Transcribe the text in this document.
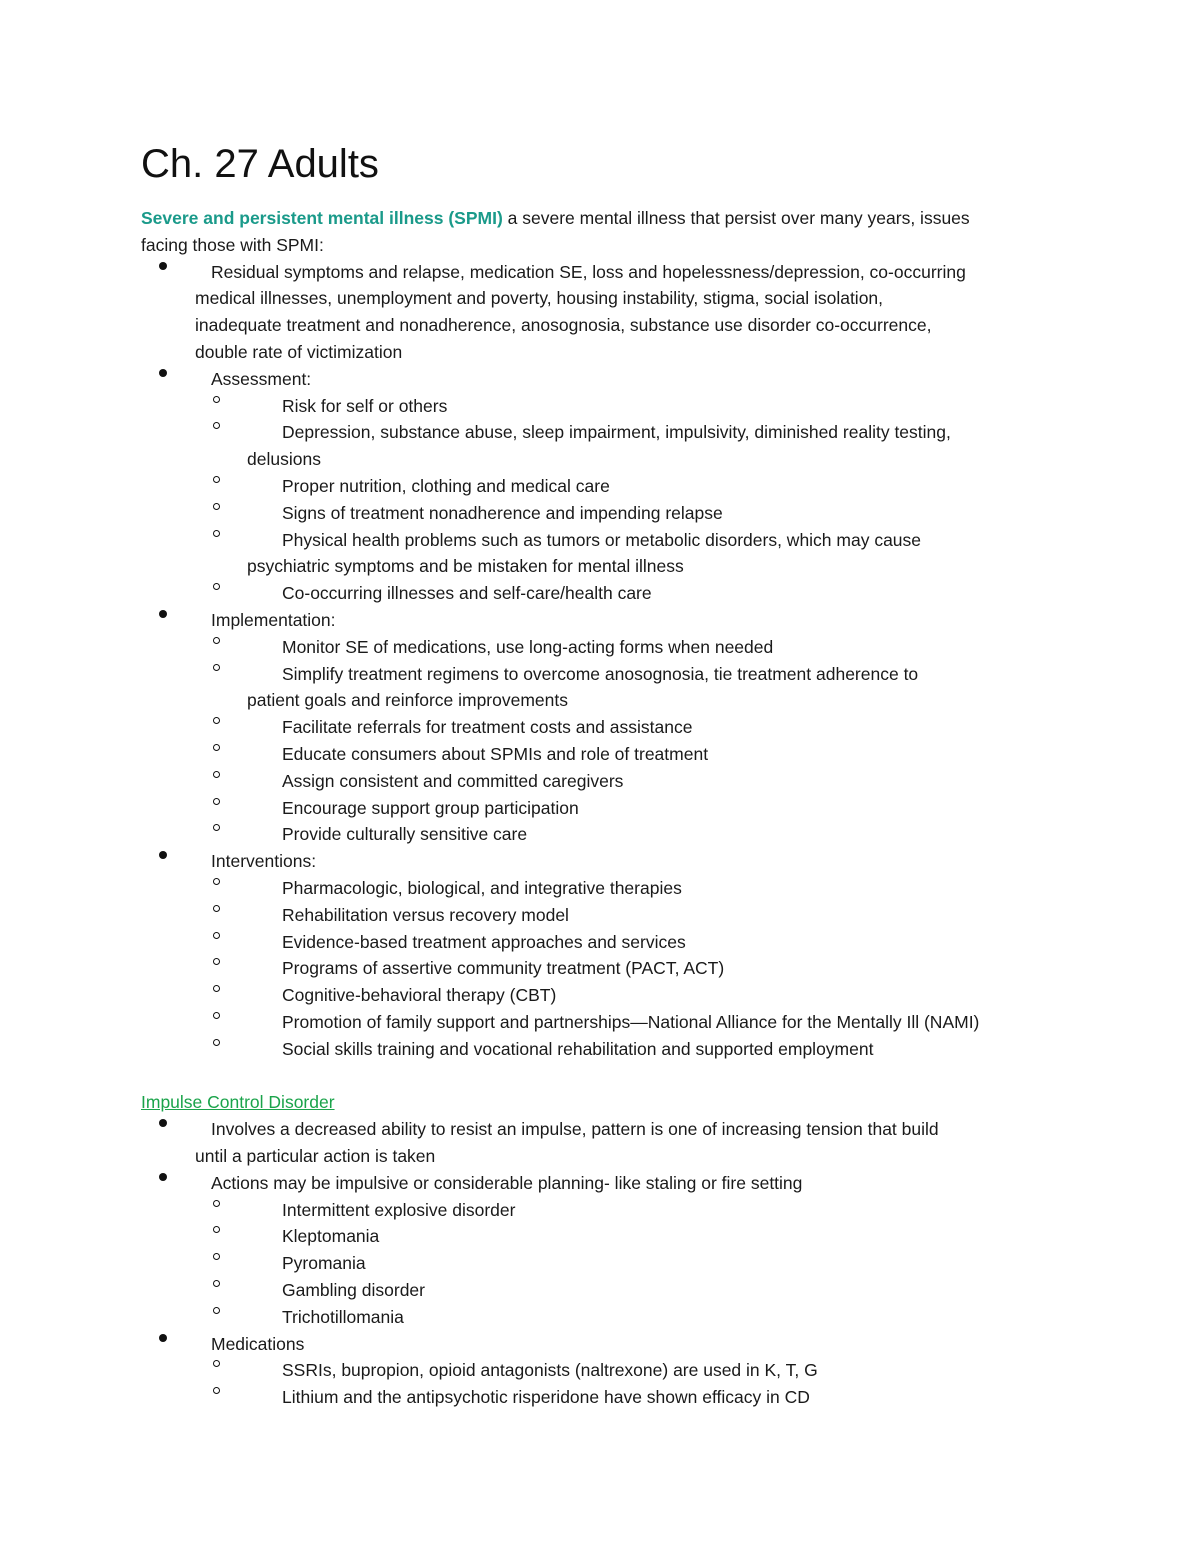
Ch. 27 Adults
Severe and persistent mental illness (SPMI) a severe mental illness that persist over many years, issues
facing those with SPMI:
Residual symptoms and relapse, medication SE, loss and hopelessness/depression, co-occurring
medical illnesses, unemployment and poverty, housing instability, stigma, social isolation,
inadequate treatment and nonadherence, anosognosia, substance use disorder co-occurrence,
double rate of victimization
Assessment:
Risk for self or others
Depression, substance abuse, sleep impairment, impulsivity, diminished reality testing,
delusions
Proper nutrition, clothing and medical care
Signs of treatment nonadherence and impending relapse
Physical health problems such as tumors or metabolic disorders, which may cause
psychiatric symptoms and be mistaken for mental illness
Co-occurring illnesses and self-care/health care
Implementation:
Monitor SE of medications, use long-acting forms when needed
Simplify treatment regimens to overcome anosognosia, tie treatment adherence to
patient goals and reinforce improvements
Facilitate referrals for treatment costs and assistance
Educate consumers about SPMIs and role of treatment
Assign consistent and committed caregivers
Encourage support group participation
Provide culturally sensitive care
Interventions:
Pharmacologic, biological, and integrative therapies
Rehabilitation versus recovery model
Evidence-based treatment approaches and services
Programs of assertive community treatment (PACT, ACT)
Cognitive-behavioral therapy (CBT)
Promotion of family support and partnerships—National Alliance for the Mentally Ill (NAMI)
Social skills training and vocational rehabilitation and supported employment
Impulse Control Disorder
Involves a decreased ability to resist an impulse, pattern is one of increasing tension that build
until a particular action is taken
Actions may be impulsive or considerable planning- like staling or fire setting
Intermittent explosive disorder
Kleptomania
Pyromania
Gambling disorder
Trichotillomania
Medications
SSRIs, bupropion, opioid antagonists (naltrexone) are used in K, T, G
Lithium and the antipsychotic risperidone have shown efficacy in CD
